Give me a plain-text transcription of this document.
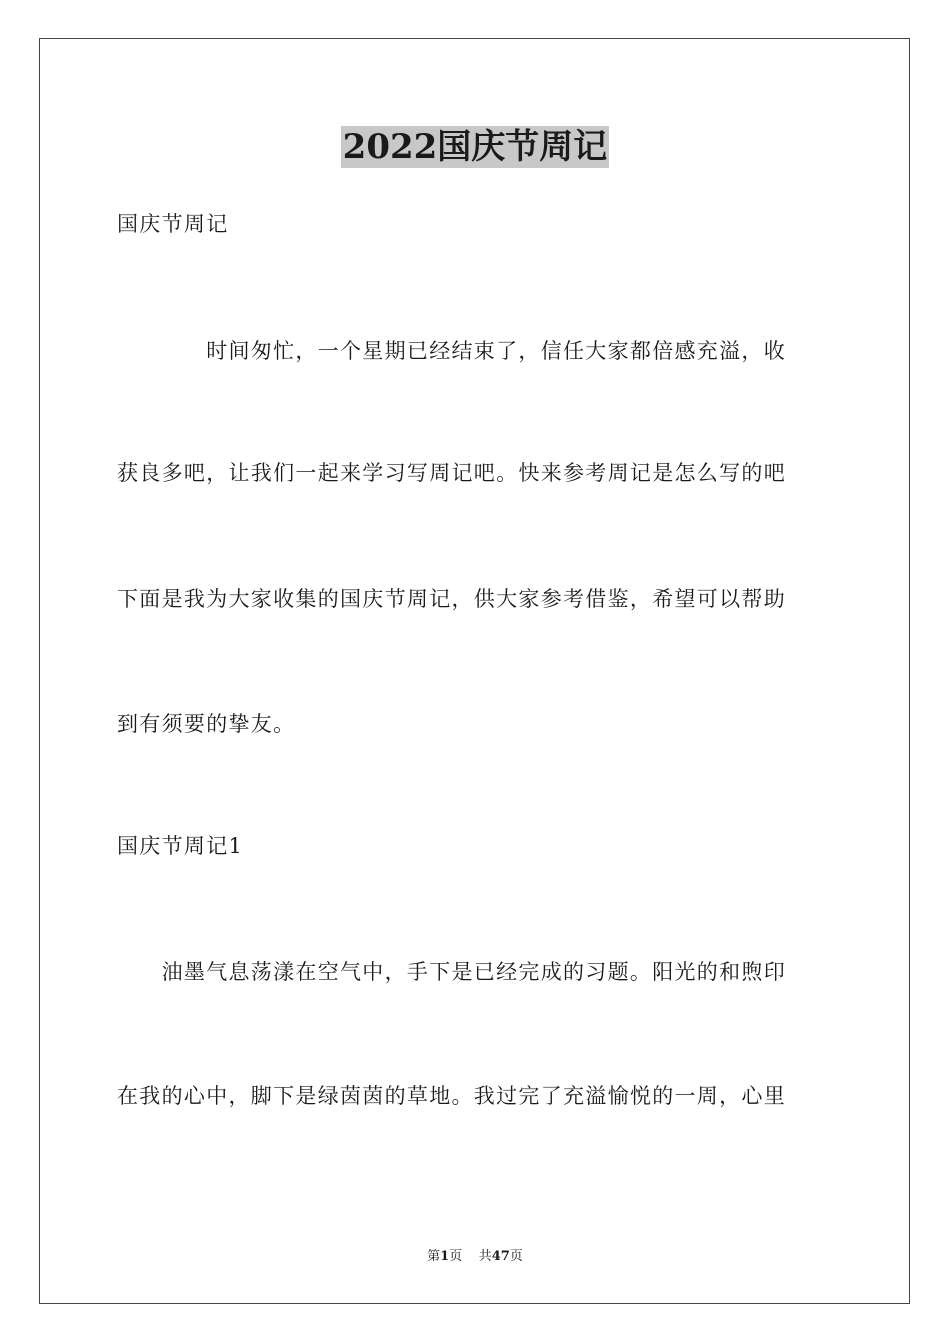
2022国庆节周记
国庆节周记
　　　　时间匆忙，一个星期已经结束了，信任大家都倍感充溢，收
获良多吧，让我们一起来学习写周记吧。快来参考周记是怎么写的吧
下面是我为大家收集的国庆节周记，供大家参考借鉴，希望可以帮助
到有须要的挚友。
国庆节周记1
　　油墨气息荡漾在空气中，手下是已经完成的习题。阳光的和煦印
在我的心中，脚下是绿茵茵的草地。我过完了充溢愉悦的一周，心里
第1页 共47页
